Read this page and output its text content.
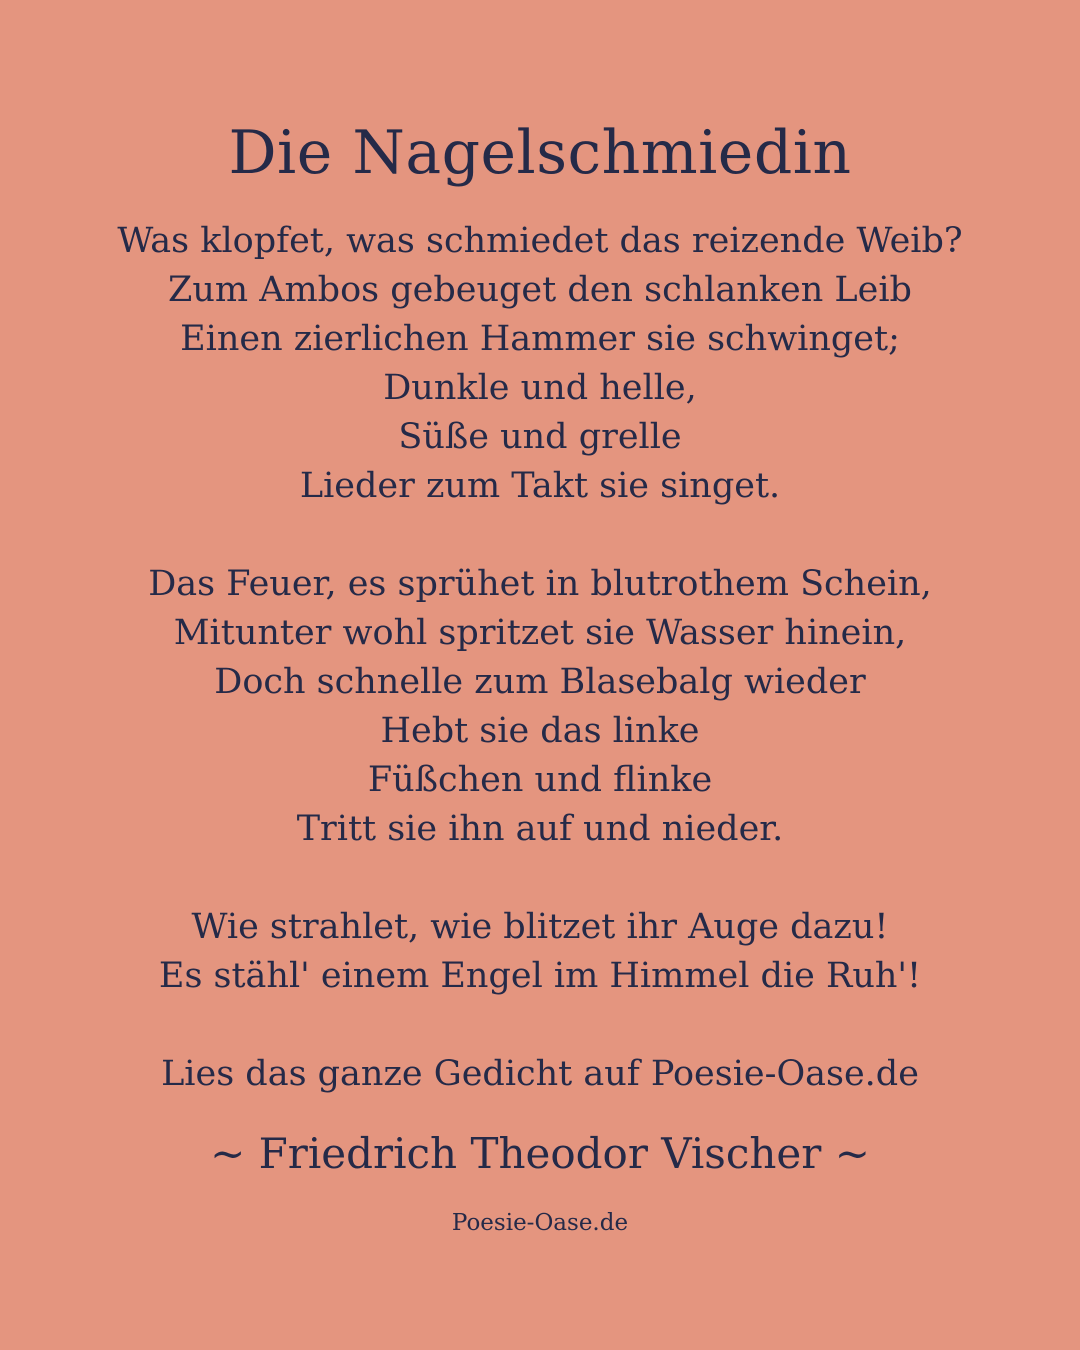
Die Nagelschmiedin
Was klopfet, was schmiedet das reizende Weib?
Zum Ambos gebeuget den schlanken Leib
Einen zierlichen Hammer sie schwinget;
Dunkle und helle,
Süße und grelle
Lieder zum Takt sie singet.
Das Feuer, es sprühet in blutrothem Schein,
Mitunter wohl spritzet sie Wasser hinein,
Doch schnelle zum Blasebalg wieder
Hebt sie das linke
Füßchen und flinke
Tritt sie ihn auf und nieder.
Wie strahlet, wie blitzet ihr Auge dazu!
Es stähl' einem Engel im Himmel die Ruh'!
Lies das ganze Gedicht auf Poesie-Oase.de
~ Friedrich Theodor Vischer ~
Poesie-Oase.de
